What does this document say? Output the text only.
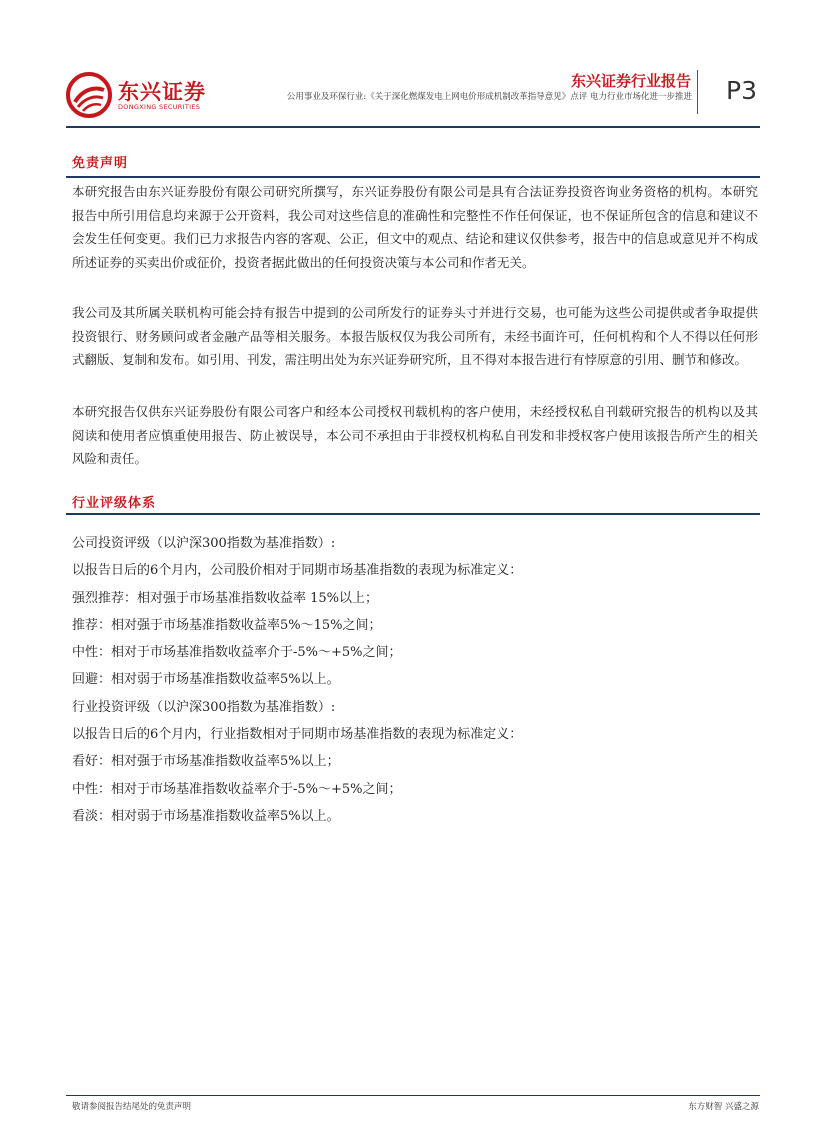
东兴证券
DONGXING SECURITIES
东兴证券行业报告
公用事业及环保行业:《关于深化燃煤发电上网电价形成机制改革指导意见》点评 电力行业市场化进一步推进 P3
免责声明

本研究报告由东兴证券股份有限公司研究所撰写，东兴证券股份有限公司是具有合法证券投资咨询业务资格的机构。本研究报告中所引用信息均来源于公开资料，我公司对这些信息的准确性和完整性不作任何保证，也不保证所包含的信息和建议不会发生任何变更。我们已力求报告内容的客观、公正，但文中的观点、结论和建议仅供参考，报告中的信息或意见并不构成所述证券的买卖出价或征价，投资者据此做出的任何投资决策与本公司和作者无关。

我公司及其所属关联机构可能会持有报告中提到的公司所发行的证券头寸并进行交易，也可能为这些公司提供或者争取提供投资银行、财务顾问或者金融产品等相关服务。本报告版权仅为我公司所有，未经书面许可，任何机构和个人不得以任何形式翻版、复制和发布。如引用、刊发，需注明出处为东兴证券研究所，且不得对本报告进行有悖原意的引用、删节和修改。

本研究报告仅供东兴证券股份有限公司客户和经本公司授权刊载机构的客户使用，未经授权私自刊载研究报告的机构以及其阅读和使用者应慎重使用报告、防止被误导，本公司不承担由于非授权机构私自刊发和非授权客户使用该报告所产生的相关风险和责任。

行业评级体系
公司投资评级（以沪深300指数为基准指数）:
以报告日后的6个月内，公司股价相对于同期市场基准指数的表现为标准定义：
强烈推荐：相对强于市场基准指数收益率 15%以上；
推荐：相对强于市场基准指数收益率5%～15%之间；
中性：相对于市场基准指数收益率介于-5%～+5%之间；
回避：相对弱于市场基准指数收益率5%以上。
行业投资评级（以沪深300指数为基准指数）:
以报告日后的6个月内，行业指数相对于同期市场基准指数的表现为标准定义：
看好：相对强于市场基准指数收益率5%以上；
中性：相对于市场基准指数收益率介于-5%～+5%之间；
看淡：相对弱于市场基准指数收益率5%以上。
敬请参阅报告结尾处的免责声明	东方财智 兴盛之源
